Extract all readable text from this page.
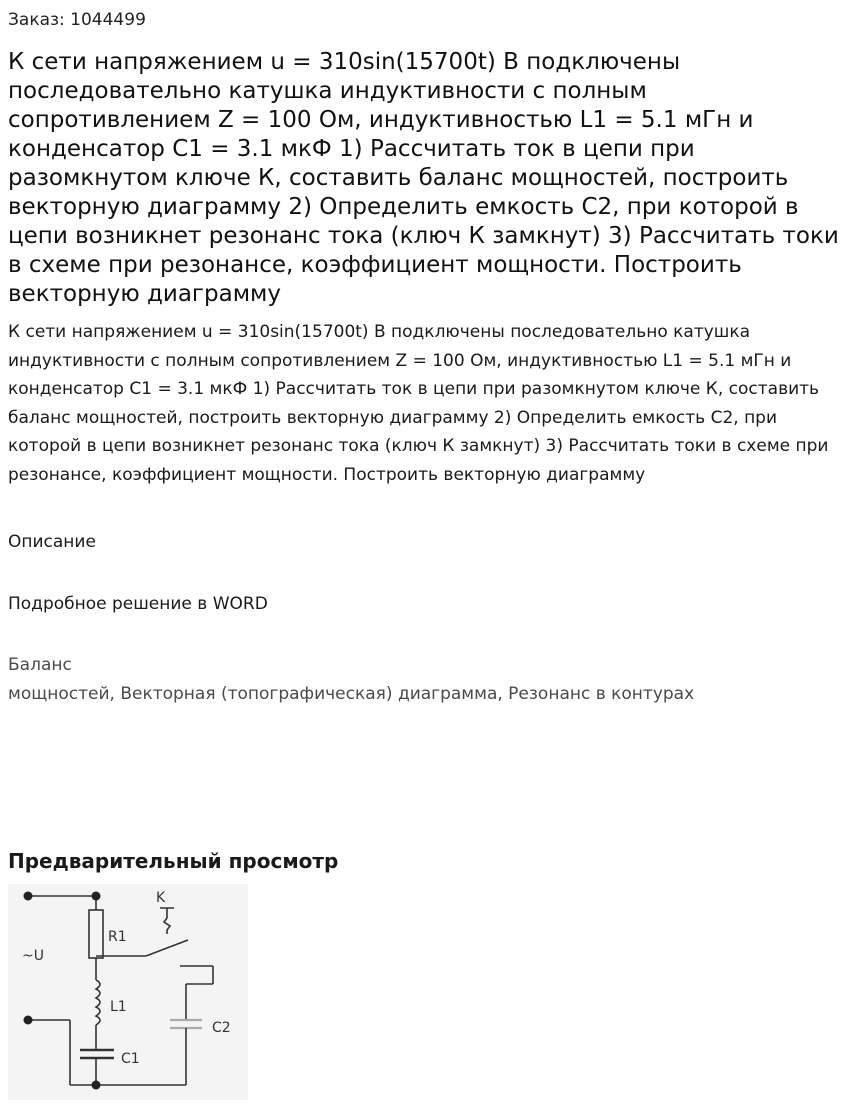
Заказ: 1044499

К сети напряжением u = 310sin(15700t) В подключены последовательно катушка индуктивности с полным сопротивлением Z = 100 Ом, индуктивностью L1 = 5.1 мГн и конденсатор C1 = 3.1 мкФ 1) Рассчитать ток в цепи при разомкнутом ключе К, составить баланс мощностей, построить векторную диаграмму 2) Определить емкость С2, при которой в цепи возникнет резонанс тока (ключ К замкнут) 3) Рассчитать токи в схеме при резонансе, коэффициент мощности. Построить векторную диаграмму

К сети напряжением u = 310sin(15700t) В подключены последовательно катушка индуктивности с полным сопротивлением Z = 100 Ом, индуктивностью L1 = 5.1 мГн и конденсатор C1 = 3.1 мкФ 1) Рассчитать ток в цепи при разомкнутом ключе К, составить баланс мощностей, построить векторную диаграмму 2) Определить емкость С2, при которой в цепи возникнет резонанс тока (ключ К замкнут) 3) Рассчитать токи в схеме при резонансе, коэффициент мощности. Построить векторную диаграмму

Описание

Подробное решение в WORD

Баланс
мощностей, Векторная (топографическая) диаграмма, Резонанс в контурах

Предварительный просмотр
K
R1
~U
L1
C1
C2
